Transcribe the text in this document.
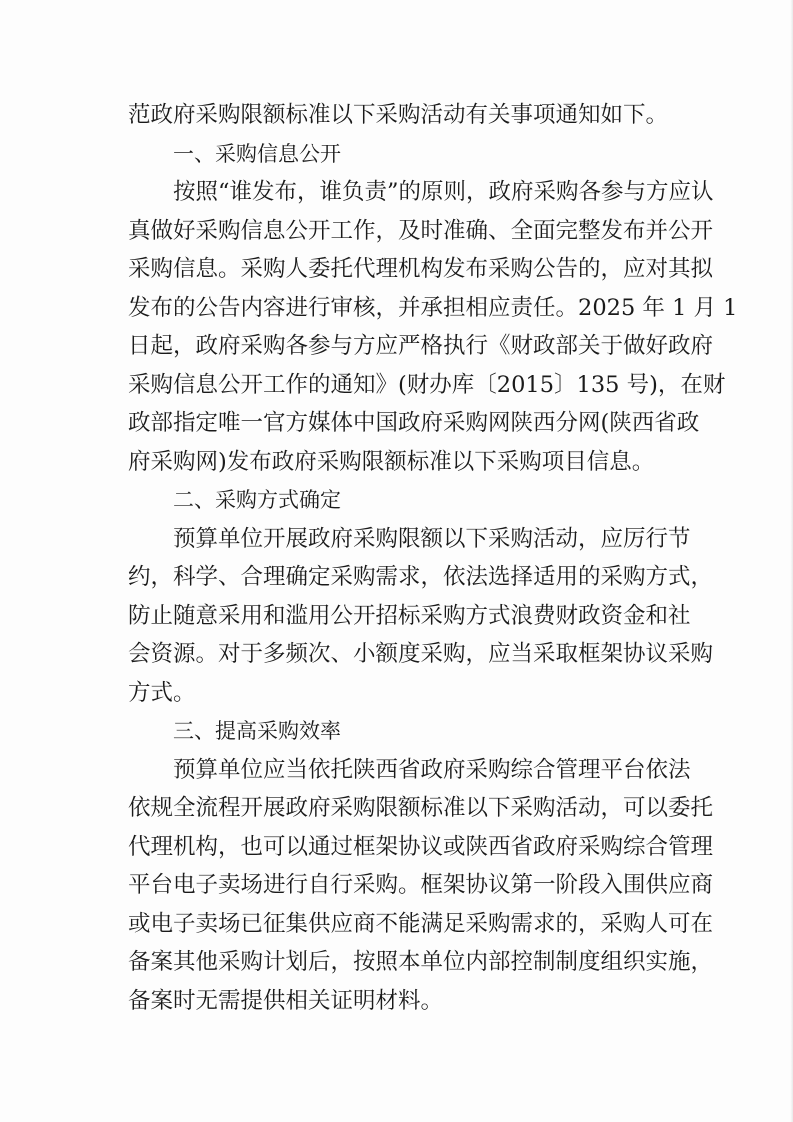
范政府采购限额标准以下采购活动有关事项通知如下。
一、采购信息公开
按照“谁发布，谁负责”的原则，政府采购各参与方应认
真做好采购信息公开工作，及时准确、全面完整发布并公开
采购信息。采购人委托代理机构发布采购公告的，应对其拟
发布的公告内容进行审核，并承担相应责任。2025 年 1 月 1
日起，政府采购各参与方应严格执行《财政部关于做好政府
采购信息公开工作的通知》(财办库〔2015〕135 号)，在财
政部指定唯一官方媒体中国政府采购网陕西分网(陕西省政
府采购网)发布政府采购限额标准以下采购项目信息。
二、采购方式确定
预算单位开展政府采购限额以下采购活动，应厉行节
约，科学、合理确定采购需求，依法选择适用的采购方式，
防止随意采用和滥用公开招标采购方式浪费财政资金和社
会资源。对于多频次、小额度采购，应当采取框架协议采购
方式。
三、提高采购效率
预算单位应当依托陕西省政府采购综合管理平台依法
依规全流程开展政府采购限额标准以下采购活动，可以委托
代理机构，也可以通过框架协议或陕西省政府采购综合管理
平台电子卖场进行自行采购。框架协议第一阶段入围供应商
或电子卖场已征集供应商不能满足采购需求的，采购人可在
备案其他采购计划后，按照本单位内部控制制度组织实施，
备案时无需提供相关证明材料。
